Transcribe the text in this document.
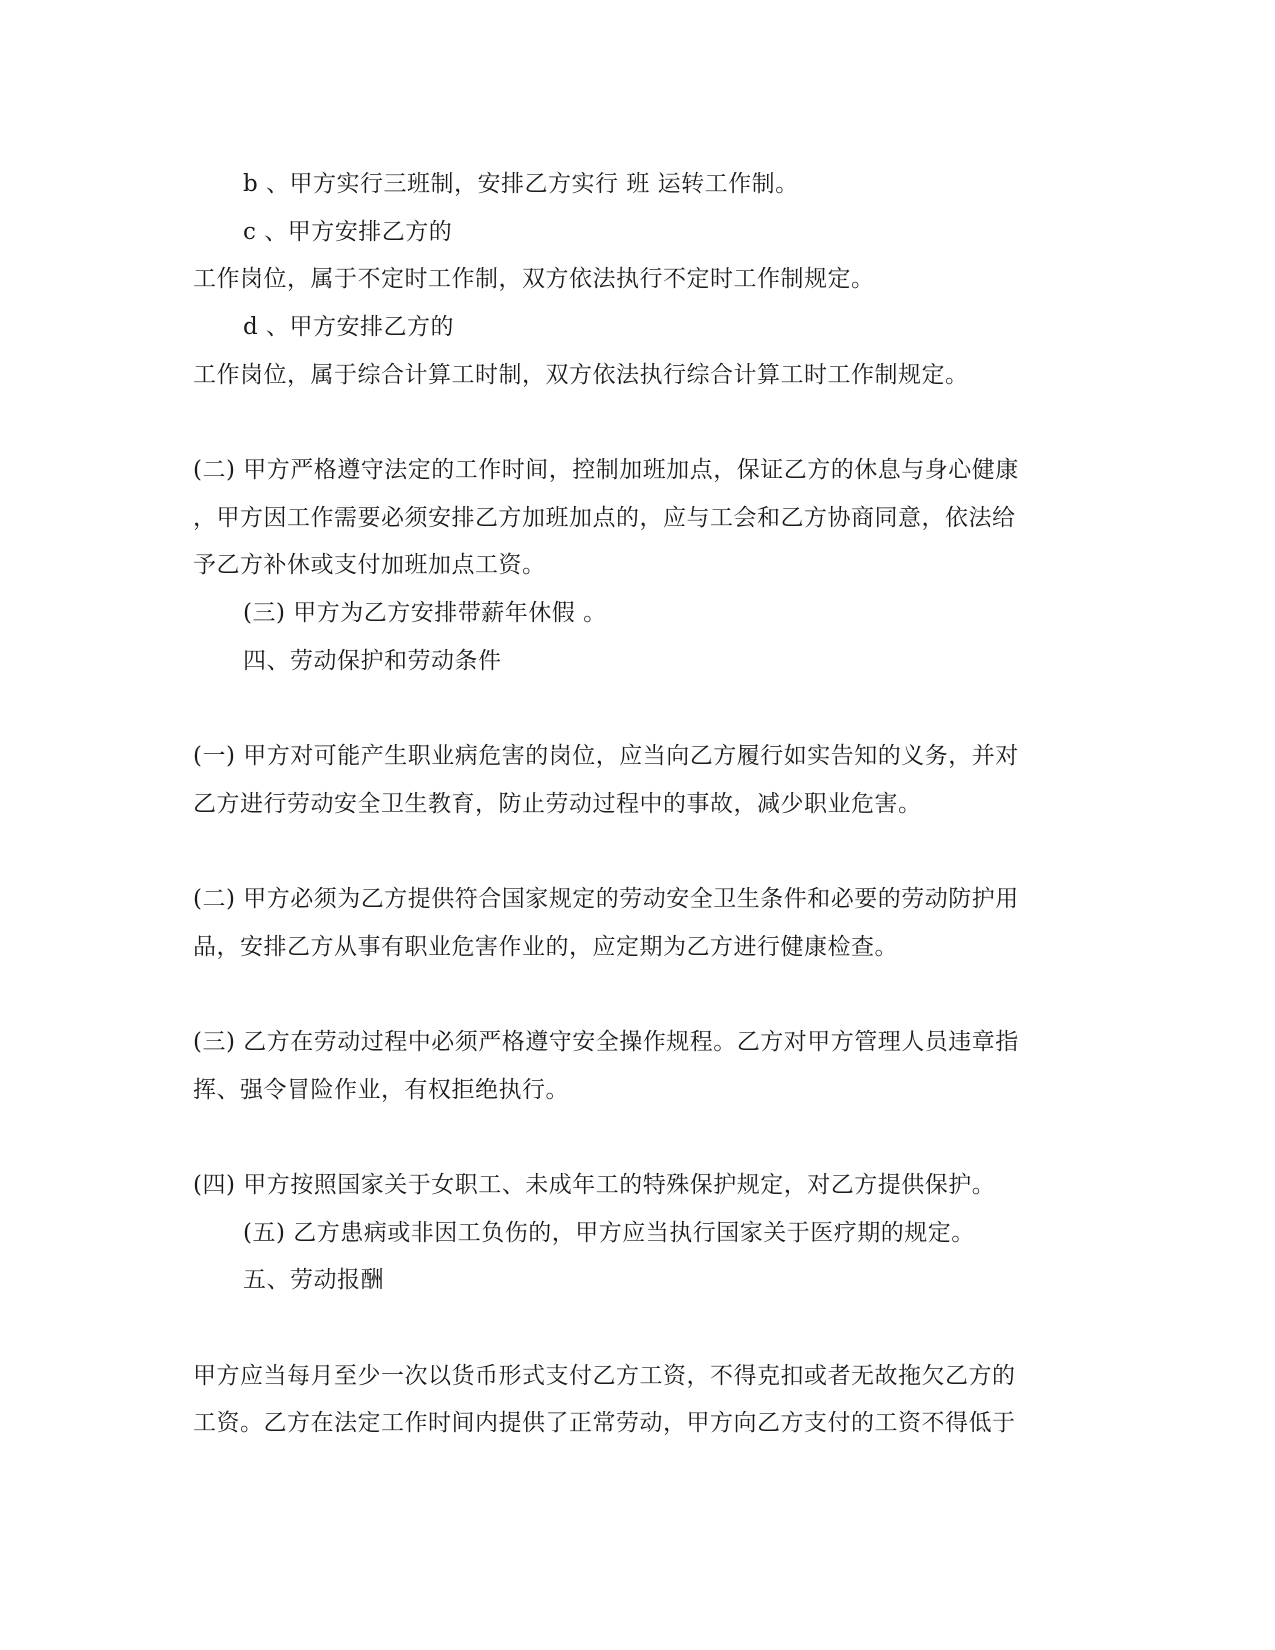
b 、甲方实行三班制，安排乙方实行 班 运转工作制。
c 、甲方安排乙方的
工作岗位，属于不定时工作制，双方依法执行不定时工作制规定。
d 、甲方安排乙方的
工作岗位，属于综合计算工时制，双方依法执行综合计算工时工作制规定。
(二) 甲方严格遵守法定的工作时间，控制加班加点，保证乙方的休息与身心健康
，甲方因工作需要必须安排乙方加班加点的，应与工会和乙方协商同意，依法给
予乙方补休或支付加班加点工资。
(三) 甲方为乙方安排带薪年休假 。
四、劳动保护和劳动条件
(一) 甲方对可能产生职业病危害的岗位，应当向乙方履行如实告知的义务，并对
乙方进行劳动安全卫生教育，防止劳动过程中的事故，减少职业危害。
(二) 甲方必须为乙方提供符合国家规定的劳动安全卫生条件和必要的劳动防护用
品，安排乙方从事有职业危害作业的，应定期为乙方进行健康检查。
(三) 乙方在劳动过程中必须严格遵守安全操作规程。乙方对甲方管理人员违章指
挥、强令冒险作业，有权拒绝执行。
(四) 甲方按照国家关于女职工、未成年工的特殊保护规定，对乙方提供保护。
(五) 乙方患病或非因工负伤的，甲方应当执行国家关于医疗期的规定。
五、劳动报酬
甲方应当每月至少一次以货币形式支付乙方工资，不得克扣或者无故拖欠乙方的
工资。乙方在法定工作时间内提供了正常劳动，甲方向乙方支付的工资不得低于
